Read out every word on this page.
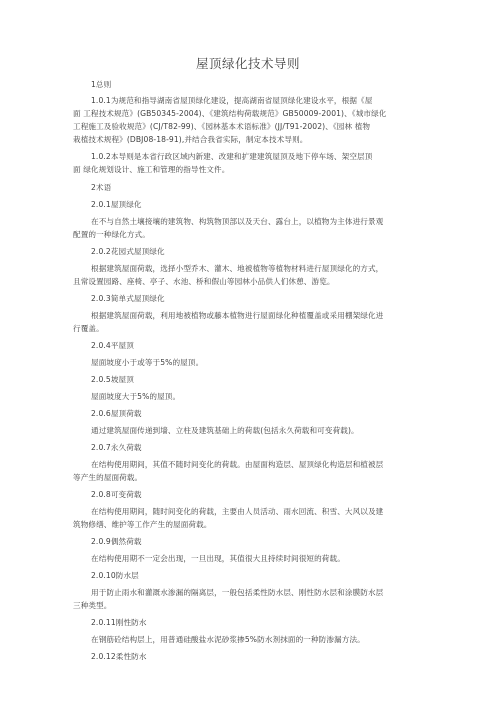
屋顶绿化技术导则
1总则
1.0.1为规范和指导湖南省屋顶绿化建设，提高湖南省屋顶绿化建设水平，根据《屋
面 工程技术规范》(GB50345-2004)、《建筑结构荷载规范》GB50009-2001)、《城市绿化
工程施工及验收规范》(CJ/T82-99)、《园林基本术语标准》(JJ/T91-2002)、《园林 植物
栽植技术规程》(DBJ08-18-91),并结合我省实际，制定本技术导则。
1.0.2本导则是本省行政区域内新建、改建和扩建建筑屋顶及地下停车场、架空层顶
面 绿化规划设计、施工和管理的指导性文件。
2术语
2.0.1屋顶绿化
在不与自然土壤接壤的建筑物、构筑物顶部以及天台、露台上，以植物为主体进行景观
配置的一种绿化方式。
2.0.2花园式屋顶绿化
根据建筑屋面荷载，选择小型乔木、灌木、地被植物等植物材料进行屋顶绿化的方式，
且常设置园路、座椅、亭子、水池、桥和假山等园林小品供人们休憩、游览。
2.0.3简单式屋顶绿化
根据建筑屋面荷载，利用地被植物或藤本植物进行屋面绿化种植覆盖或采用棚架绿化进
行覆盖。
2.0.4平屋顶
屋面坡度小于或等于5%的屋顶。
2.0.5坡屋顶
屋面坡度大于5%的屋顶。
2.0.6屋顶荷载
通过建筑屋面传递到墙、立柱及建筑基础上的荷载(包括永久荷载和可变荷载)。
2.0.7永久荷载
在结构使用期间，其值不随时间变化的荷载。由屋面构造层、屋顶绿化构造层和植被层
等产生的屋面荷载。
2.0.8可变荷载
在结构使用期间，随时间变化的荷载，主要由人员活动、雨水回流、积雪、大风以及建
筑物修缮、维护等工作产生的屋面荷载。
2.0.9偶然荷载
在结构使用期不一定会出现，一旦出现，其值很大且持续时间很短的荷载。
2.0.10防水层
用于防止雨水和灌溉水渗漏的隔离层，一般包括柔性防水层、刚性防水层和涂膜防水层
三种类型。
2.0.11刚性防水
在钢筋砼结构层上，用普通硅酸盐水泥砂浆掺5%防水剂抹面的一种防渗漏方法。
2.0.12柔性防水
